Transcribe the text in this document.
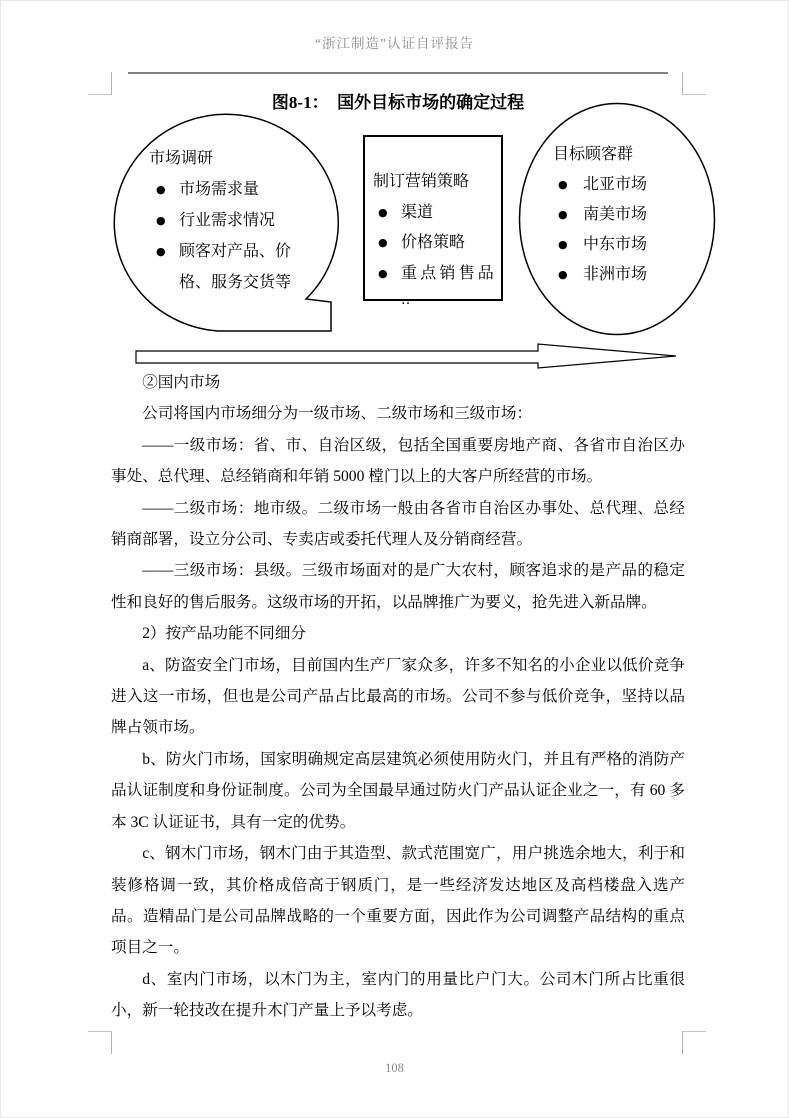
“浙江制造”认证自评报告
图8-1：　国外目标市场的确定过程
市场调研
● 市场需求量
● 行业需求情况
● 顾客对产品、价格、服务交货等
制订营销策略
● 渠道
● 价格策略
● 重点销售品
‥
目标顾客群
● 北亚市场
● 南美市场
● 中东市场
● 非洲市场

②国内市场

公司将国内市场细分为一级市场、二级市场和三级市场：

——一级市场：省、市、自治区级，包括全国重要房地产商、各省市自治区办事处、总代理、总经销商和年销 5000 樘门以上的大客户所经营的市场。

——二级市场：地市级。二级市场一般由各省市自治区办事处、总代理、总经销商部署，设立分公司、专卖店或委托代理人及分销商经营。

——三级市场：县级。三级市场面对的是广大农村，顾客追求的是产品的稳定性和良好的售后服务。这级市场的开拓，以品牌推广为要义，抢先进入新品牌。

2）按产品功能不同细分

a、防盗安全门市场，目前国内生产厂家众多，许多不知名的小企业以低价竞争进入这一市场，但也是公司产品占比最高的市场。公司不参与低价竞争，坚持以品牌占领市场。

b、防火门市场，国家明确规定高层建筑必须使用防火门，并且有严格的消防产品认证制度和身份证制度。公司为全国最早通过防火门产品认证企业之一，有 60 多本 3C 认证证书，具有一定的优势。

c、钢木门市场，钢木门由于其造型、款式范围宽广，用户挑选余地大，利于和装修格调一致，其价格成倍高于钢质门，是一些经济发达地区及高档楼盘入选产品。造精品门是公司品牌战略的一个重要方面，因此作为公司调整产品结构的重点项目之一。

d、室内门市场，以木门为主，室内门的用量比户门大。公司木门所占比重很小，新一轮技改在提升木门产量上予以考虑。

108
